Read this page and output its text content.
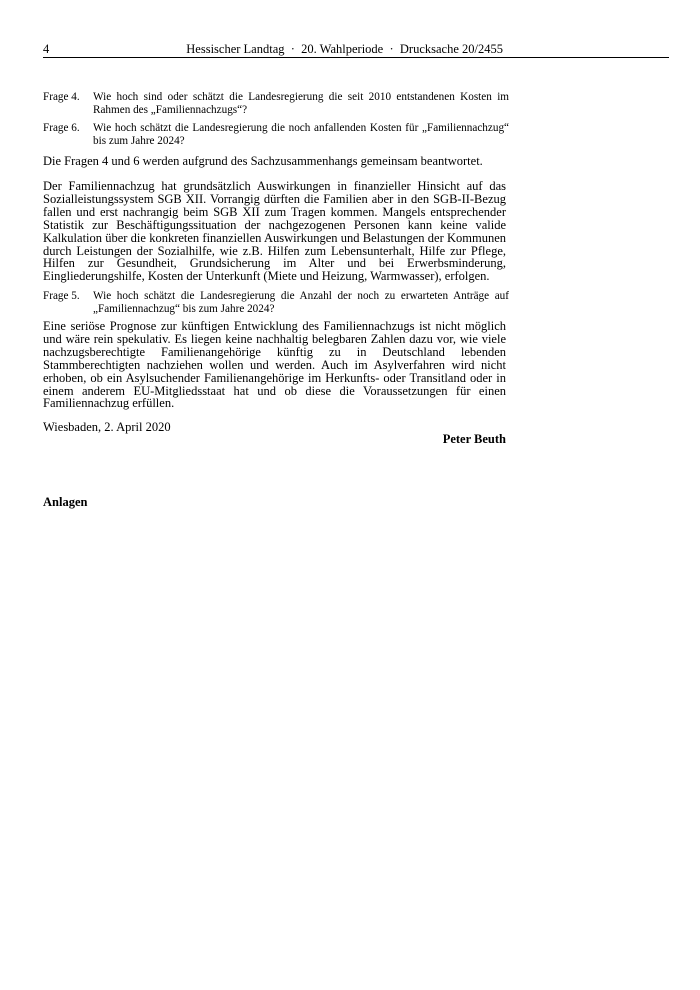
4	Hessischer Landtag  ·  20. Wahlperiode  ·  Drucksache 20/2455
Frage 4. Wie hoch sind oder schätzt die Landesregierung die seit 2010 entstandenen Kosten im Rahmen des „Familiennachzugs“?
Frage 6. Wie hoch schätzt die Landesregierung die noch anfallenden Kosten für „Familiennachzug“ bis zum Jahre 2024?
Die Fragen 4 und 6 werden aufgrund des Sachzusammenhangs gemeinsam beantwortet.
Der Familiennachzug hat grundsätzlich Auswirkungen in finanzieller Hinsicht auf das Sozialleistungssystem SGB XII. Vorrangig dürften die Familien aber in den SGB-II-Bezug fallen und erst nachrangig beim SGB XII zum Tragen kommen. Mangels entsprechender Statistik zur Beschäftigungssituation der nachgezogenen Personen kann keine valide Kalkulation über die konkreten finanziellen Auswirkungen und Belastungen der Kommunen durch Leistungen der Sozialhilfe, wie z.B. Hilfen zum Lebensunterhalt, Hilfe zur Pflege, Hilfen zur Gesundheit, Grundsicherung im Alter und bei Erwerbsminderung, Eingliederungshilfe, Kosten der Unterkunft (Miete und Heizung, Warmwasser), erfolgen.
Frage 5. Wie hoch schätzt die Landesregierung die Anzahl der noch zu erwarteten Anträge auf „Familiennachzug“ bis zum Jahre 2024?
Eine seriöse Prognose zur künftigen Entwicklung des Familiennachzugs ist nicht möglich und wäre rein spekulativ. Es liegen keine nachhaltig belegbaren Zahlen dazu vor, wie viele nachzugsberechtigte Familienangehörige künftig zu in Deutschland lebenden Stammberechtigten nachziehen wollen und werden. Auch im Asylverfahren wird nicht erhoben, ob ein Asylsuchender Familienangehörige im Herkunfts- oder Transitland oder in einem anderem EU-Mitgliedsstaat hat und ob diese die Voraussetzungen für einen Familiennachzug erfüllen.
Wiesbaden, 2. April 2020
Peter Beuth
Anlagen
